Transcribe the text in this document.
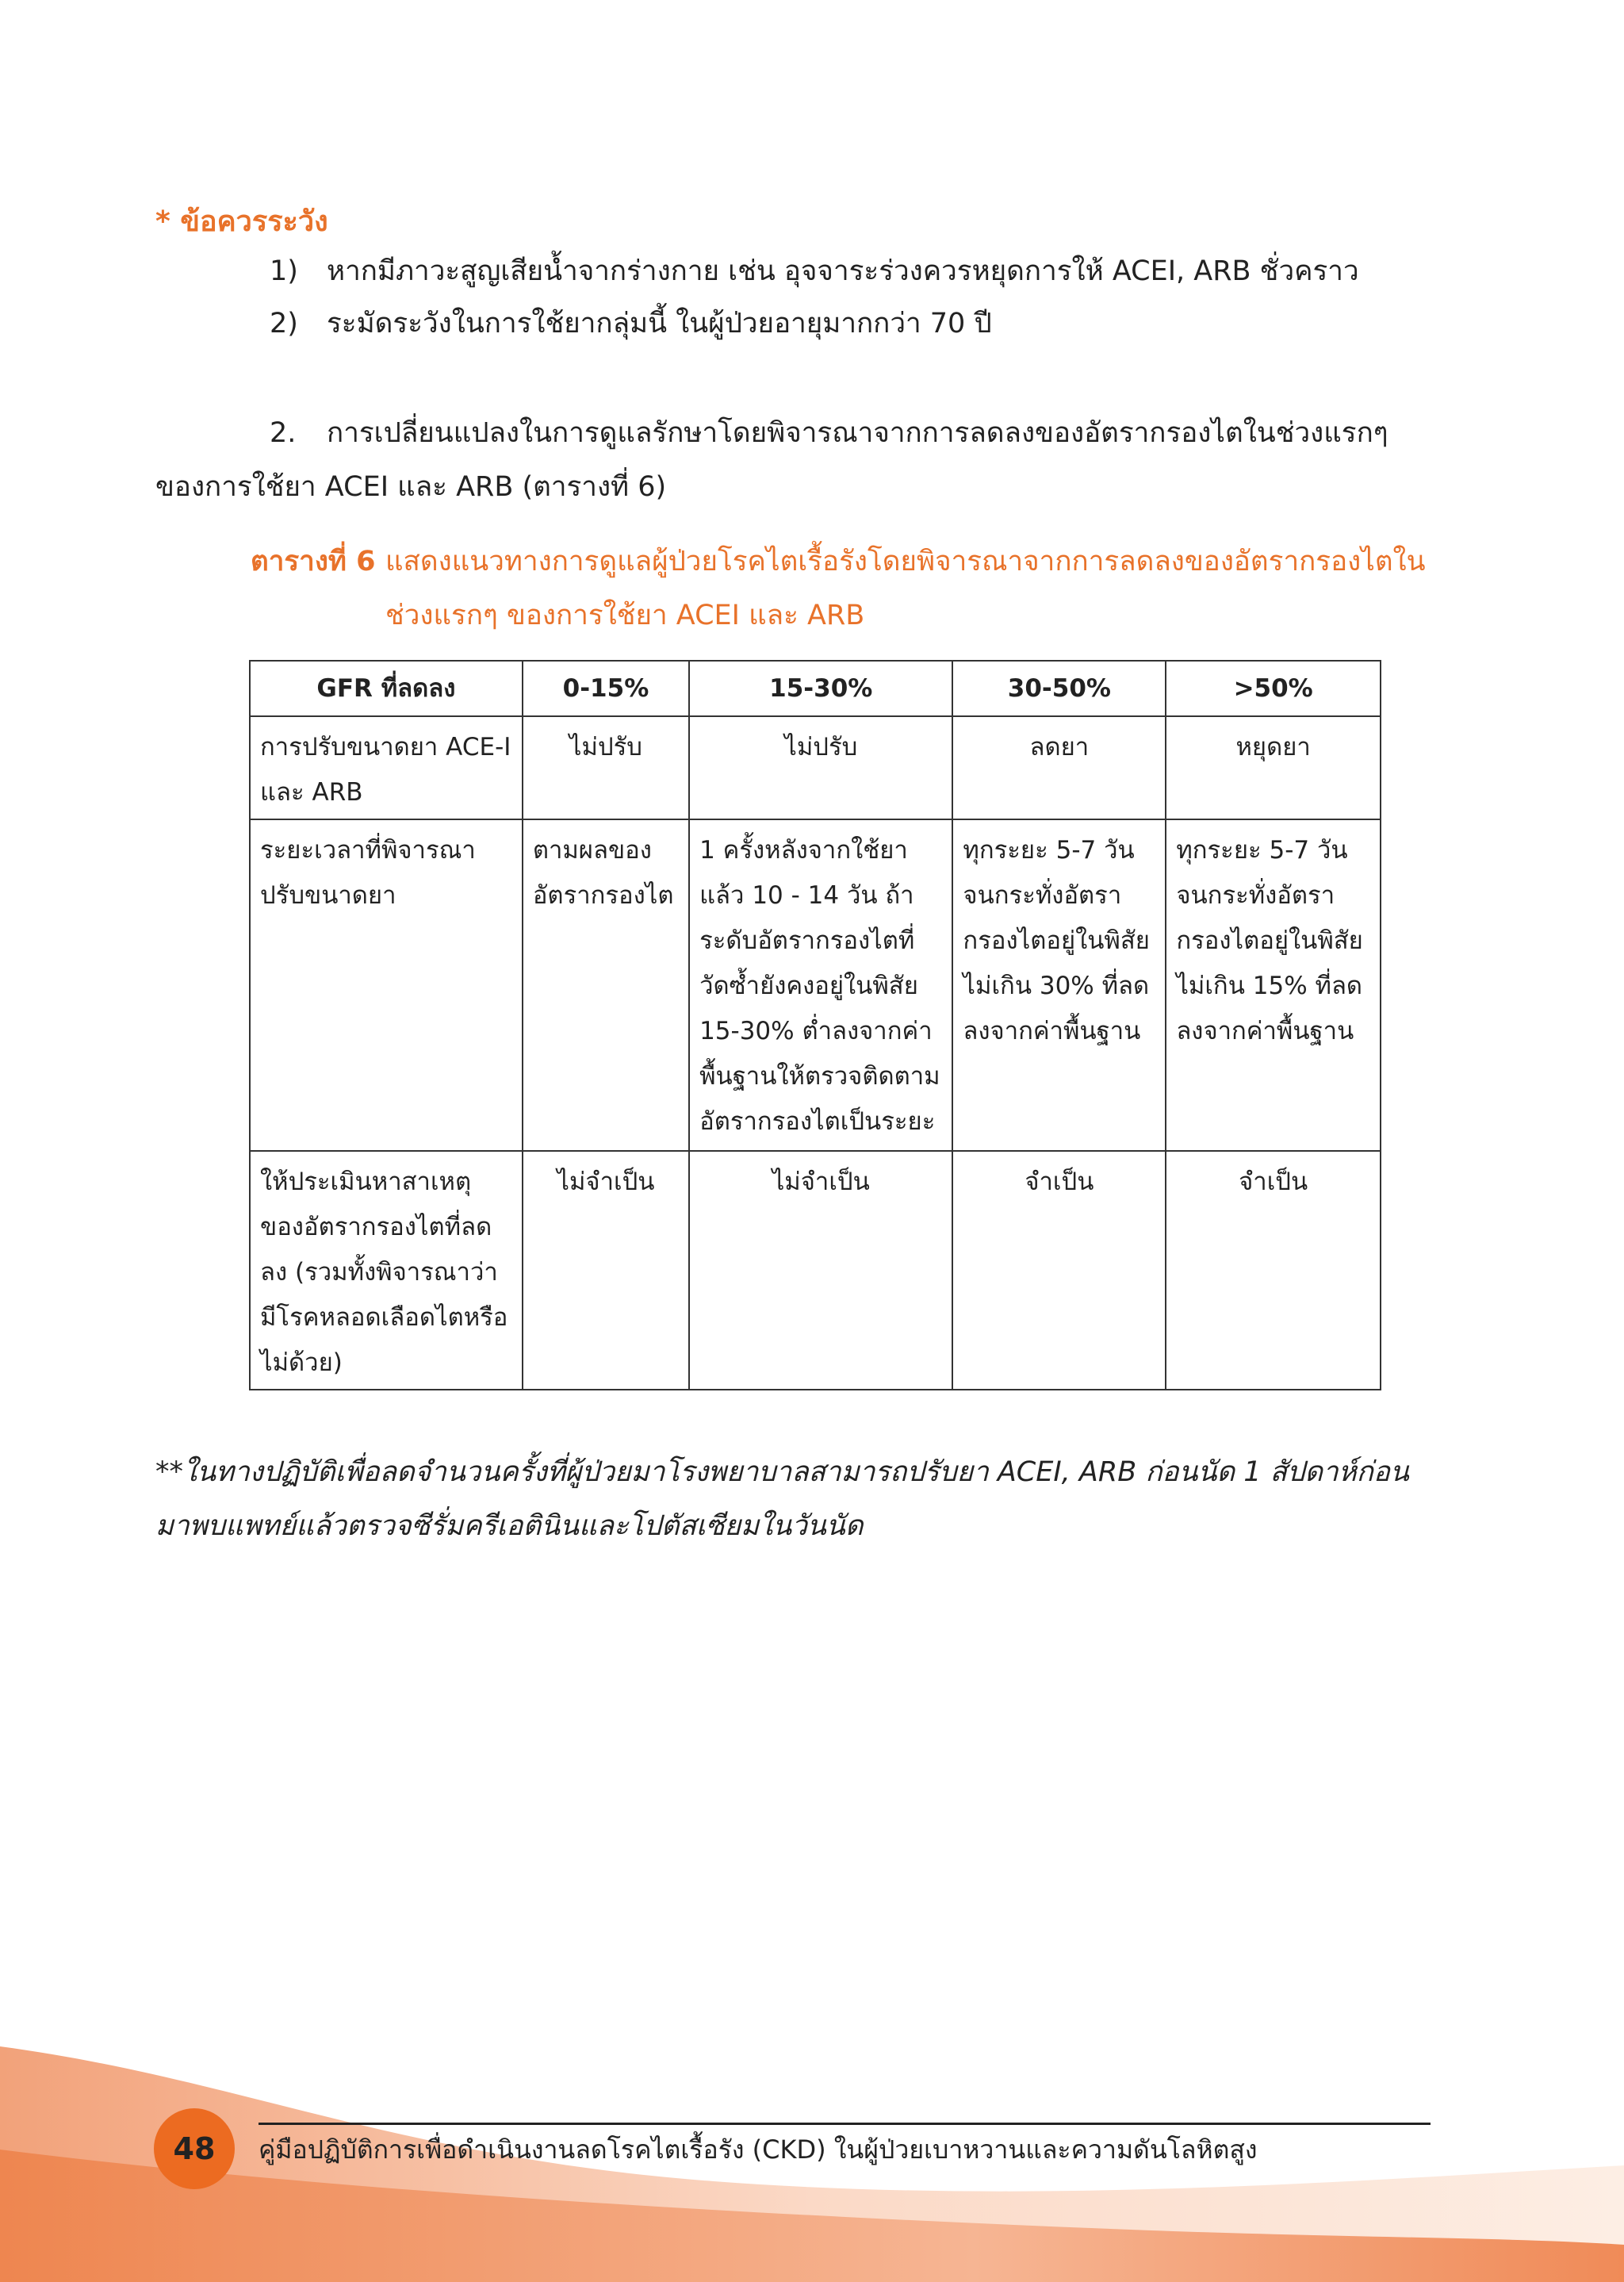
* ข้อควรระวัง
1) หากมีภาวะสูญเสียน้ำจากร่างกาย เช่น อุจจาระร่วงควรหยุดการให้ ACEI, ARB ชั่วคราว
2) ระมัดระวังในการใช้ยากลุ่มนี้ ในผู้ป่วยอายุมากกว่า 70 ปี
2. การเปลี่ยนแปลงในการดูแลรักษาโดยพิจารณาจากการลดลงของอัตรากรองไตในช่วงแรกๆของการใช้ยา ACEI และ ARB (ตารางที่ 6)
ตารางที่ 6 แสดงแนวทางการดูแลผู้ป่วยโรคไตเรื้อรังโดยพิจารณาจากการลดลงของอัตรากรองไตใน
ช่วงแรกๆ ของการใช้ยา ACEI และ ARB
GFR ที่ลดลง	0-15%	15-30%	30-50%	>50%
การปรับขนาดยา ACE-I และ ARB	ไม่ปรับ	ไม่ปรับ	ลดยา	หยุดยา
ระยะเวลาที่พิจารณาปรับขนาดยา	ตามผลของอัตรากรองไต	1 ครั้งหลังจากใช้ยาแล้ว 10 - 14 วัน ถ้าระดับอัตรากรองไตที่วัดซ้ำยังคงอยู่ในพิสัย 15-30% ต่ำลงจากค่าพื้นฐานให้ตรวจติดตามอัตรากรองไตเป็นระยะ	ทุกระยะ 5-7 วัน จนกระทั่งอัตรากรองไตอยู่ในพิสัยไม่เกิน 30% ที่ลดลงจากค่าพื้นฐาน	ทุกระยะ 5-7 วัน จนกระทั่งอัตรากรองไตอยู่ในพิสัยไม่เกิน 15% ที่ลดลงจากค่าพื้นฐาน
ให้ประเมินหาสาเหตุของอัตรากรองไตที่ลดลง (รวมทั้งพิจารณาว่ามีโรคหลอดเลือดไตหรือไม่ด้วย)	ไม่จำเป็น	ไม่จำเป็น	จำเป็น	จำเป็น
**ในทางปฏิบัติเพื่อลดจำนวนครั้งที่ผู้ป่วยมาโรงพยาบาลสามารถปรับยา ACEI, ARB ก่อนนัด 1 สัปดาห์ก่อนมาพบแพทย์แล้วตรวจซีรั่มครีเอตินินและโปตัสเซียมในวันนัด
48	คู่มือปฏิบัติการเพื่อดำเนินงานลดโรคไตเรื้อรัง (CKD) ในผู้ป่วยเบาหวานและความดันโลหิตสูง
